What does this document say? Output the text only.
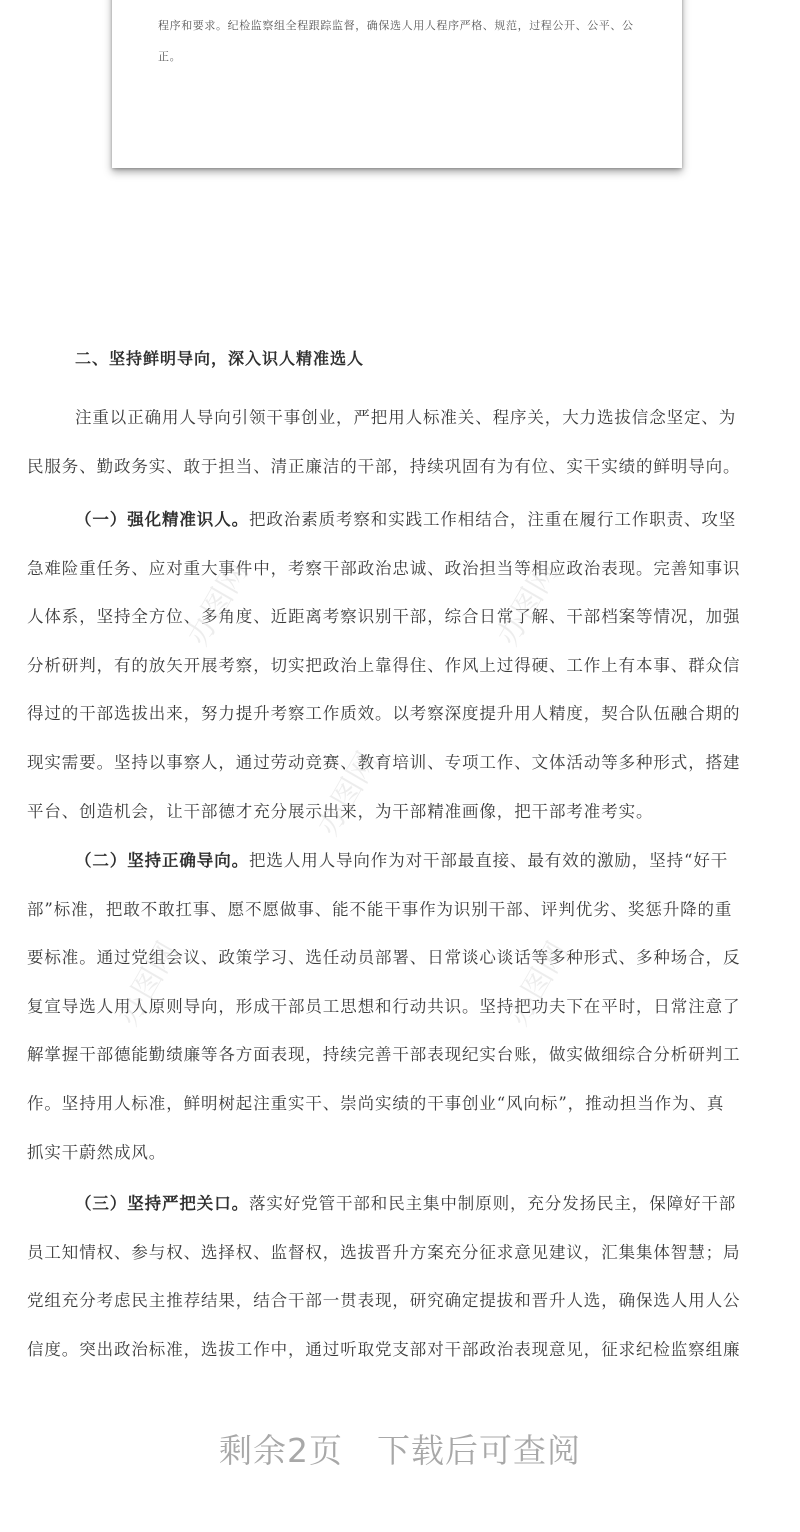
程序和要求。纪检监察组全程跟踪监督，确保选人用人程序严格、规范，过程公开、公平、公
正。
二、坚持鲜明导向，深入识人精准选人
注重以正确用人导向引领干事创业，严把用人标准关、程序关，大力选拔信念坚定、为
民服务、勤政务实、敢于担当、清正廉洁的干部，持续巩固有为有位、实干实绩的鲜明导向。
（一）强化精准识人。把政治素质考察和实践工作相结合，注重在履行工作职责、攻坚
急难险重任务、应对重大事件中，考察干部政治忠诚、政治担当等相应政治表现。完善知事识
人体系，坚持全方位、多角度、近距离考察识别干部，综合日常了解、干部档案等情况，加强
分析研判，有的放矢开展考察，切实把政治上靠得住、作风上过得硬、工作上有本事、群众信
得过的干部选拔出来，努力提升考察工作质效。以考察深度提升用人精度，契合队伍融合期的
现实需要。坚持以事察人，通过劳动竞赛、教育培训、专项工作、文体活动等多种形式，搭建
平台、创造机会，让干部德才充分展示出来，为干部精准画像，把干部考准考实。
（二）坚持正确导向。把选人用人导向作为对干部最直接、最有效的激励，坚持“好干
部”标准，把敢不敢扛事、愿不愿做事、能不能干事作为识别干部、评判优劣、奖惩升降的重
要标准。通过党组会议、政策学习、选任动员部署、日常谈心谈话等多种形式、多种场合，反
复宣导选人用人原则导向，形成干部员工思想和行动共识。坚持把功夫下在平时，日常注意了
解掌握干部德能勤绩廉等各方面表现，持续完善干部表现纪实台账，做实做细综合分析研判工
作。坚持用人标准，鲜明树起注重实干、崇尚实绩的干事创业“风向标”，推动担当作为、真
抓实干蔚然成风。
（三）坚持严把关口。落实好党管干部和民主集中制原则，充分发扬民主，保障好干部
员工知情权、参与权、选择权、监督权，选拔晋升方案充分征求意见建议，汇集集体智慧；局
党组充分考虑民主推荐结果，结合干部一贯表现，研究确定提拔和晋升人选，确保选人用人公
信度。突出政治标准，选拔工作中，通过听取党支部对干部政治表现意见，征求纪检监察组廉
办图网	办图网
办图网
办图网	办图网
剩余2页 下载后可查阅
